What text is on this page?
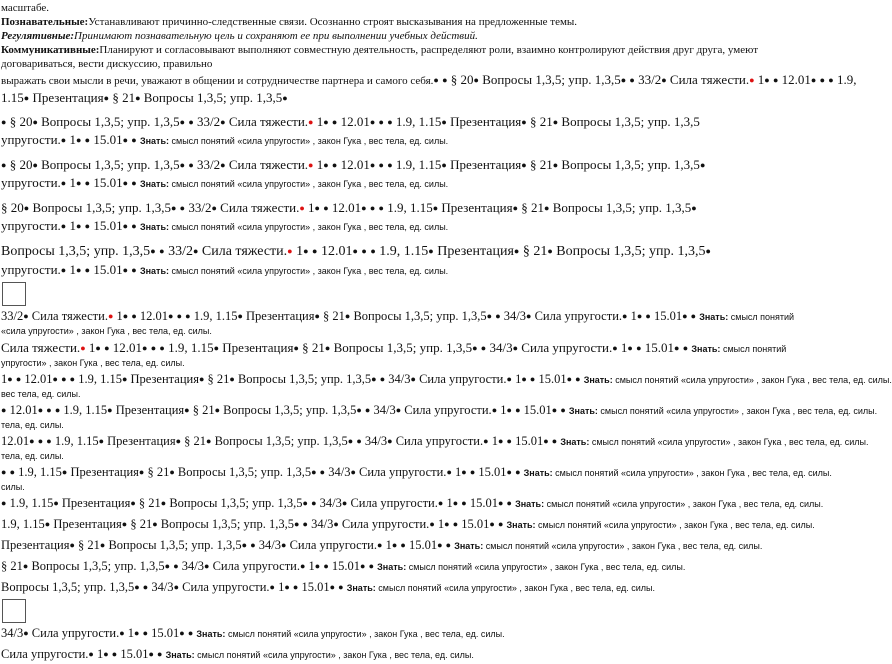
масштабе.

Познавательные:Устанавливают причинно-следственные связи. Осознанно строят высказывания на предложенные темы.

Регулятивные:Принимают познавательную цель и сохраняют ее при выполнении учебных действий.

Коммуникативные:Планируют и согласовывают выполняют совместную деятельность, распределяют роли, взаимно контролируют действия друг друга, умеют договариваться, вести дискуссию, правильно

выражать свои мысли в речи, уважают в общении и сотрудничестве партнера и самого себя.● ● § 20● Вопросы 1,3,5; упр. 1,3,5● ● 33/2● Сила тяжести.● 1● ● 12.01● ● ● 1.9,
1.15● Презентация● § 21● Вопросы 1,3,5; упр. 1,3,5●
● § 20● Вопросы 1,3,5; упр. 1,3,5● ● 33/2● Сила тяжести.● 1● ● 12.01● ● ● 1.9, 1.15● Презентация● § 21● Вопросы 1,3,5; упр. 1,3,5
упругости.● 1● ● 15.01● ● Знать: смысл понятий «сила упругости» , закон Гука , вес тела, ед. силы.
● § 20● Вопросы 1,3,5; упр. 1,3,5● ● 33/2● Сила тяжести.● 1● ● 12.01● ● ● 1.9, 1.15● Презентация● § 21● Вопросы 1,3,5; упр. 1,3,5●
упругости.● 1● ● 15.01● ● Знать: смысл понятий «сила упругости» , закон Гука , вес тела, ед. силы.
§ 20● Вопросы 1,3,5; упр. 1,3,5● ● 33/2● Сила тяжести.● 1● ● 12.01● ● ● 1.9, 1.15● Презентация● § 21● Вопросы 1,3,5; упр. 1,3,5●
упругости.● 1● ● 15.01● ● Знать: смысл понятий «сила упругости» , закон Гука , вес тела, ед. силы.
Вопросы 1,3,5; упр. 1,3,5● ● 33/2● Сила тяжести.● 1● ● 12.01● ● ● 1.9, 1.15● Презентация● § 21● Вопросы 1,3,5; упр. 1,3,5●
упругости.● 1● ● 15.01● ● Знать: смысл понятий «сила упругости» , закон Гука , вес тела, ед. силы.
33/2● Сила тяжести.● 1● ● 12.01● ● ● 1.9, 1.15● Презентация● § 21● Вопросы 1,3,5; упр. 1,3,5● ● 34/3● Сила упругости.● 1● ● 15.01● ● Знать: смысл понятий
«сила упругости» , закон Гука , вес тела, ед. силы.
Сила тяжести.● 1● ● 12.01● ● ● 1.9, 1.15● Презентация● § 21● Вопросы 1,3,5; упр. 1,3,5● ● 34/3● Сила упругости.● 1● ● 15.01● ● Знать: смысл понятий
упругости» , закон Гука , вес тела, ед. силы.
1● ● 12.01● ● ● 1.9, 1.15● Презентация● § 21● Вопросы 1,3,5; упр. 1,3,5● ● 34/3● Сила упругости.● 1● ● 15.01● ● Знать: смысл понятий «сила упругости» , закон Гука , вес тела, ед. силы.
вес тела, ед. силы.
● 12.01● ● ● 1.9, 1.15● Презентация● § 21● Вопросы 1,3,5; упр. 1,3,5● ● 34/3● Сила упругости.● 1● ● 15.01● ● Знать: смысл понятий «сила упругости» , закон Гука , вес тела, ед. силы.
тела, ед. силы.
12.01● ● ● 1.9, 1.15● Презентация● § 21● Вопросы 1,3,5; упр. 1,3,5● ● 34/3● Сила упругости.● 1● ● 15.01● ● Знать: смысл понятий «сила упругости» , закон Гука , вес тела, ед. силы.
тела, ед. силы.
● ● 1.9, 1.15● Презентация● § 21● Вопросы 1,3,5; упр. 1,3,5● ● 34/3● Сила упругости.● 1● ● 15.01● ● Знать: смысл понятий «сила упругости» , закон Гука , вес тела, ед. силы.
силы.
● 1.9, 1.15● Презентация● § 21● Вопросы 1,3,5; упр. 1,3,5● ● 34/3● Сила упругости.● 1● ● 15.01● ● Знать: смысл понятий «сила упругости» , закон Гука , вес тела, ед. силы.
1.9, 1.15● Презентация● § 21● Вопросы 1,3,5; упр. 1,3,5● ● 34/3● Сила упругости.● 1● ● 15.01● ● Знать: смысл понятий «сила упругости» , закон Гука , вес тела, ед. силы.
Презентация● § 21● Вопросы 1,3,5; упр. 1,3,5● ● 34/3● Сила упругости.● 1● ● 15.01● ● Знать: смысл понятий «сила упругости» , закон Гука , вес тела, ед. силы.
§ 21● Вопросы 1,3,5; упр. 1,3,5● ● 34/3● Сила упругости.● 1● ● 15.01● ● Знать: смысл понятий «сила упругости» , закон Гука , вес тела, ед. силы.
Вопросы 1,3,5; упр. 1,3,5● ● 34/3● Сила упругости.● 1● ● 15.01● ● Знать: смысл понятий «сила упругости» , закон Гука , вес тела, ед. силы.
34/3● Сила упругости.● 1● ● 15.01● ● Знать: смысл понятий «сила упругости» , закон Гука , вес тела, ед. силы.
Сила упругости.● 1● ● 15.01● ● Знать: смысл понятий «сила упругости» , закон Гука , вес тела, ед. силы.
